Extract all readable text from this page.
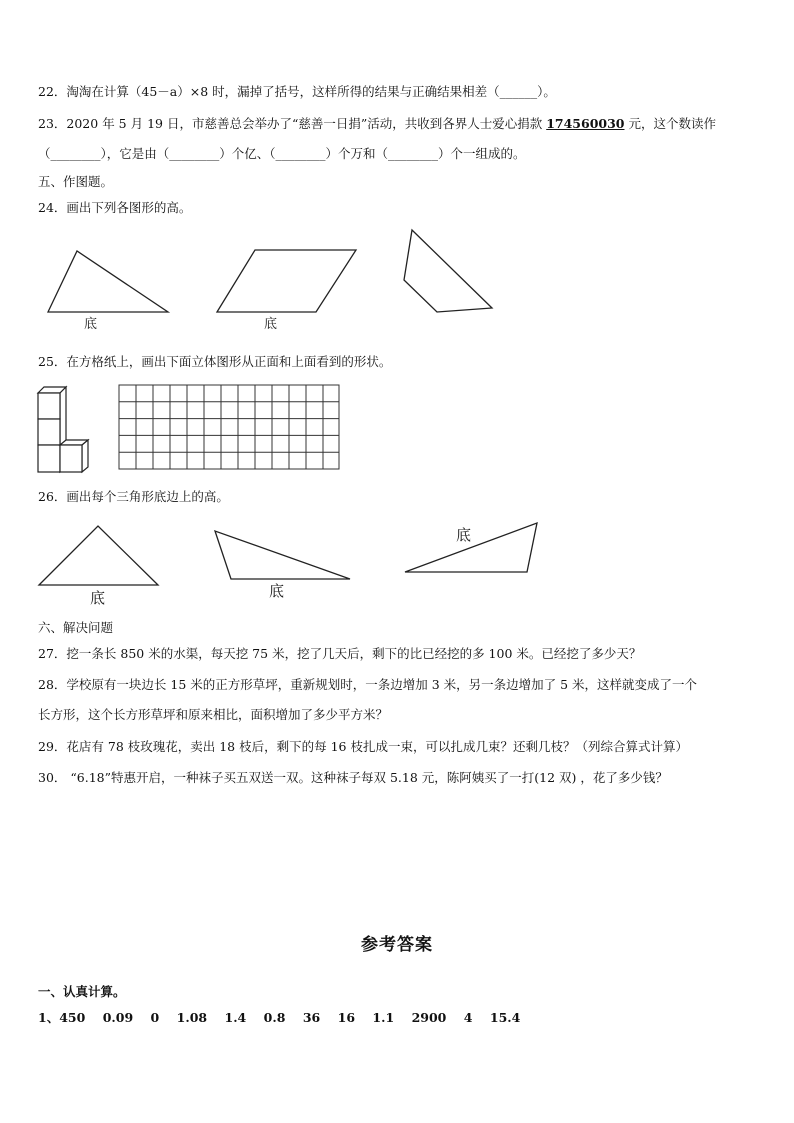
22．淘淘在计算（45－a）×8 时，漏掉了括号，这样所得的结果与正确结果相差（______）。
23．2020 年 5 月 19 日，市慈善总会举办了“慈善一日捐”活动，共收到各界人士爱心捐款 174560030 元，这个数读作
（________），它是由（________）个亿、（________）个万和（________）个一组成的。
五、作图题。
24．画出下列各图形的高。
底	底
25．在方格纸上，画出下面立体图形从正面和上面看到的形状。
26．画出每个三角形底边上的高。
底	底
底
六、解决问题
27．挖一条长 850 米的水渠，每天挖 75 米，挖了几天后，剩下的比已经挖的多 100 米。已经挖了多少天？
28．学校原有一块边长 15 米的正方形草坪，重新规划时，一条边增加 3 米，另一条边增加了 5 米，这样就变成了一个
长方形，这个长方形草坪和原来相比，面积增加了多少平方米？
29．花店有 78 枝玫瑰花，卖出 18 枝后，剩下的每 16 枝扎成一束，可以扎成几束？还剩几枝？（列综合算式计算）
30． “6.18”特惠开启，一种袜子买五双送一双。这种袜子每双 5.18 元，陈阿姨买了一打(12 双) ，花了多少钱？
参考答案
一、认真计算。
1、450    0.09    0    1.08    1.4    0.8    36    16    1.1    2900    4    15.4
